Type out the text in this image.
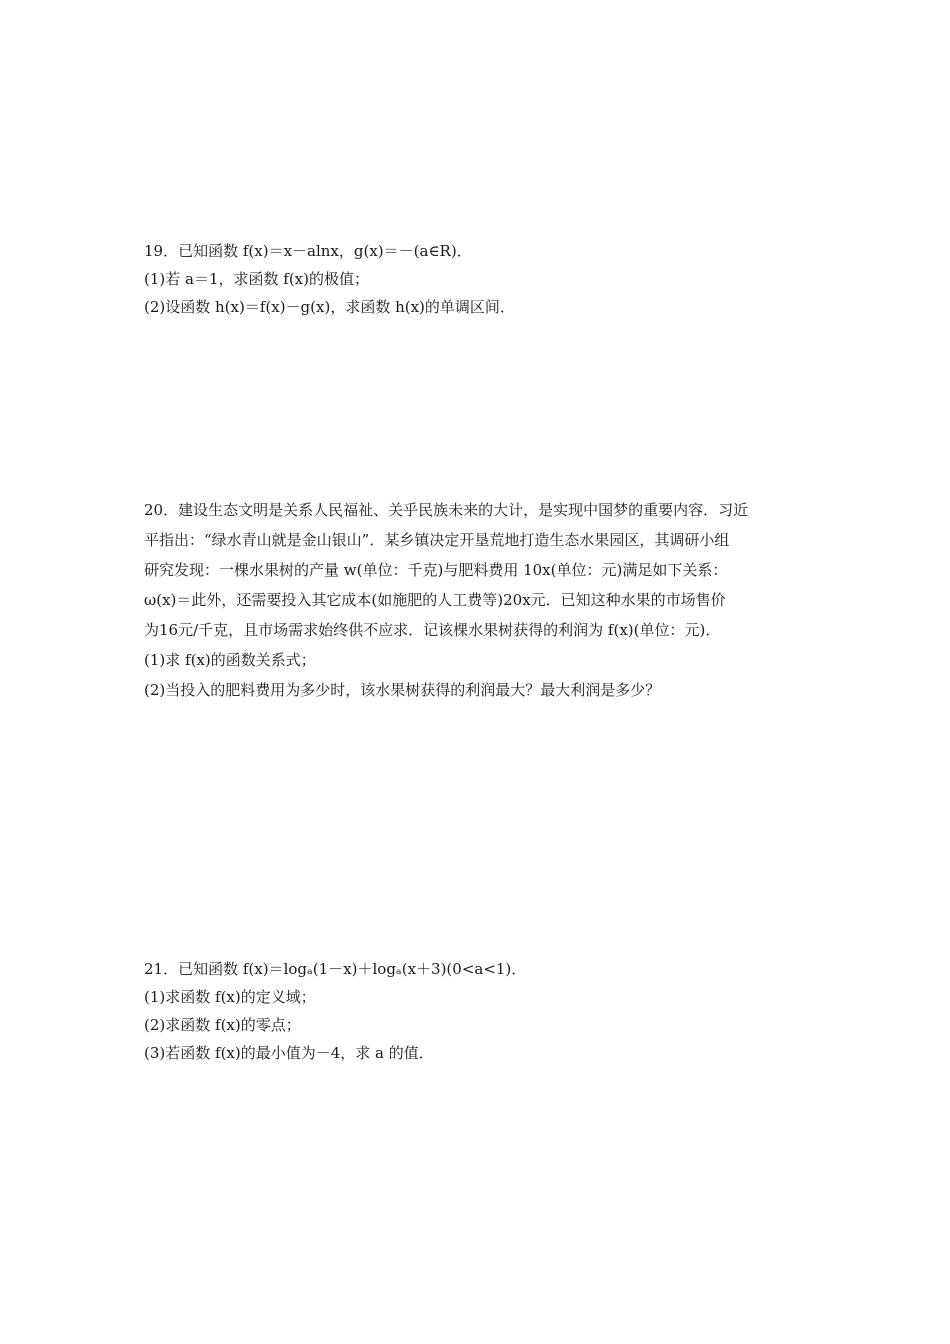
19．已知函数 f(x)＝x－alnx，g(x)＝－(a∈R)．
(1)若 a＝1，求函数 f(x)的极值；
(2)设函数 h(x)＝f(x)－g(x)，求函数 h(x)的单调区间．
20．建设生态文明是关系人民福祉、关乎民族未来的大计，是实现中国梦的重要内容．习近
平指出：“绿水青山就是金山银山”．某乡镇决定开垦荒地打造生态水果园区，其调研小组
研究发现：一棵水果树的产量 w(单位：千克)与肥料费用 10x(单位：元)满足如下关系：
ω(x)＝此外，还需要投入其它成本(如施肥的人工费等)20x元．已知这种水果的市场售价
为16元/千克，且市场需求始终供不应求．记该棵水果树获得的利润为 f(x)(单位：元)．
(1)求 f(x)的函数关系式；
(2)当投入的肥料费用为多少时，该水果树获得的利润最大？最大利润是多少？
21．已知函数 f(x)＝logₐ(1－x)＋logₐ(x＋3)(0<a<1)．
(1)求函数 f(x)的定义域；
(2)求函数 f(x)的零点；
(3)若函数 f(x)的最小值为－4，求 a 的值．
